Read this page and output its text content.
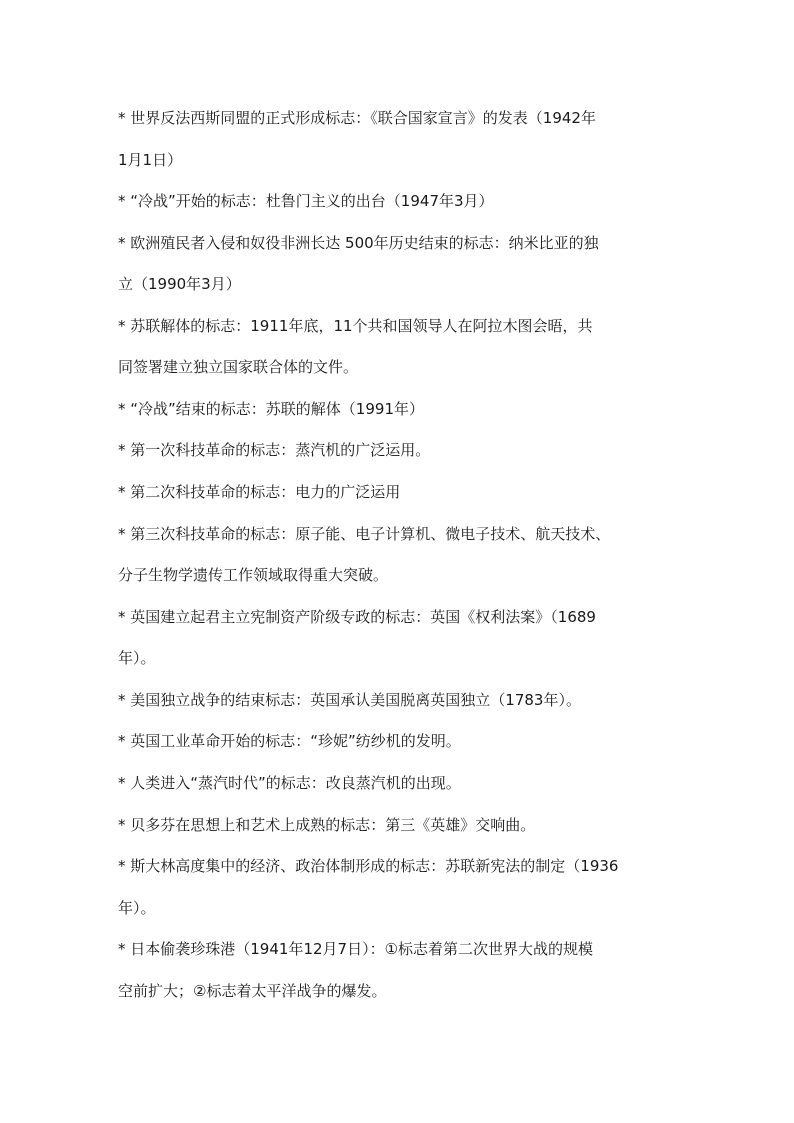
* 世界反法西斯同盟的正式形成标志：《联合国家宣言》的发表（1942年
1月1日）
* “冷战”开始的标志：杜鲁门主义的出台（1947年3月）
* 欧洲殖民者入侵和奴役非洲长达 500年历史结束的标志：纳米比亚的独
立（1990年3月）
* 苏联解体的标志：1911年底，11个共和国领导人在阿拉木图会晤，共
同签署建立独立国家联合体的文件。
* “冷战”结束的标志：苏联的解体（1991年）
* 第一次科技革命的标志：蒸汽机的广泛运用。
* 第二次科技革命的标志：电力的广泛运用
* 第三次科技革命的标志：原子能、电子计算机、微电子技术、航天技术、
分子生物学遗传工作领域取得重大突破。
* 英国建立起君主立宪制资产阶级专政的标志：英国《权利法案》（1689
年）。
* 美国独立战争的结束标志：英国承认美国脱离英国独立（1783年）。
* 英国工业革命开始的标志：“珍妮”纺纱机的发明。
* 人类进入“蒸汽时代”的标志：改良蒸汽机的出现。
* 贝多芬在思想上和艺术上成熟的标志：第三《英雄》交响曲。
* 斯大林高度集中的经济、政治体制形成的标志：苏联新宪法的制定（1936
年）。
* 日本偷袭珍珠港（1941年12月7日）：①标志着第二次世界大战的规模
空前扩大；②标志着太平洋战争的爆发。
